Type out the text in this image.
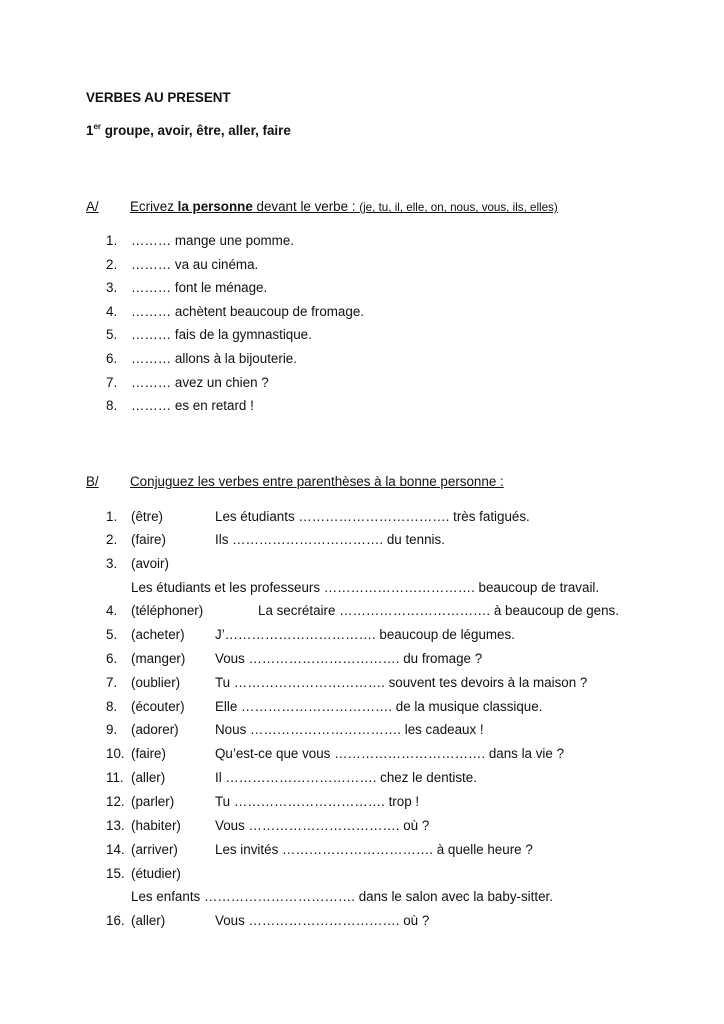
VERBES AU PRESENT
1er groupe, avoir, être, aller, faire
A/ Ecrivez la personne devant le verbe : (je, tu, il, elle, on, nous, vous, ils, elles)
1. ……… mange une pomme.
2. ……… va au cinéma.
3. ……… font le ménage.
4. ……… achètent beaucoup de fromage.
5. ……… fais de la gymnastique.
6. ……… allons à la bijouterie.
7. ……… avez un chien ?
8. ……… es en retard !
B/ Conjuguez les verbes entre parenthèses à la bonne personne :
1. (être)	Les étudiants ……………………………. très fatigués.
2. (faire)	Ils ……………………………. du tennis.
3. (avoir)
Les étudiants et les professeurs ……………………………. beaucoup de travail.
4. (téléphoner)	La secrétaire ……………………………. à beaucoup de gens.
5. (acheter) J’……………………………. beaucoup de légumes.
6. (manger) Vous ……………………………. du fromage ?
7. (oublier)	Tu ……………………………. souvent tes devoirs à la maison ?
8. (écouter) Elle ……………………………. de la musique classique.
9. (adorer)	Nous ……………………………. les cadeaux !
10. (faire)	Qu’est-ce que vous ……………………………. dans la vie ?
11. (aller)	Il ……………………………. chez le dentiste.
12. (parler)	Tu ……………………………. trop !
13. (habiter)	Vous ……………………………. où ?
14. (arriver)	Les invités ……………………………. à quelle heure ?
15. (étudier)
Les enfants ……………………………. dans le salon avec la baby-sitter.
16. (aller)	Vous ……………………………. où ?
